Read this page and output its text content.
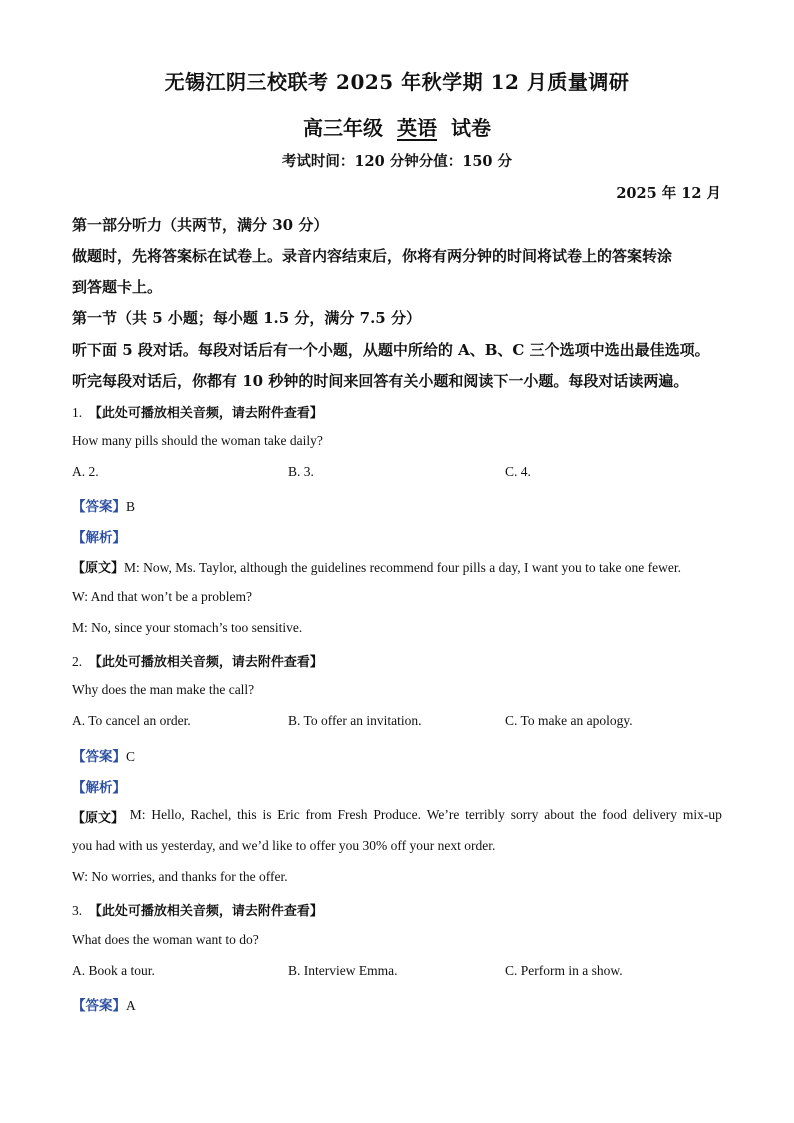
无锡江阴三校联考 2025 年秋学期 12 月质量调研
高三年级 英语 试卷
考试时间：120 分钟分值：150 分
2025 年 12 月
第一部分听力（共两节，满分 30 分）
做题时，先将答案标在试卷上。录音内容结束后，你将有两分钟的时间将试卷上的答案转涂
到答题卡上。
第一节（共 5 小题；每小题 1.5 分，满分 7.5 分）
听下面 5 段对话。每段对话后有一个小题，从题中所给的 A、B、C 三个选项中选出最佳选项。
听完每段对话后，你都有 10 秒钟的时间来回答有关小题和阅读下一小题。每段对话读两遍。
1. 【此处可播放相关音频，请去附件查看】
How many pills should the woman take daily?
A. 2.	B. 3.	C. 4.
【答案】B
【解析】
【原文】M: Now, Ms. Taylor, although the guidelines recommend four pills a day, I want you to take one fewer.
W: And that won’t be a problem?
M: No, since your stomach’s too sensitive.
2. 【此处可播放相关音频，请去附件查看】
Why does the man make the call?
A. To cancel an order.	B. To offer an invitation.	C. To make an apology.
【答案】C
【解析】
【原文】 M: Hello, Rachel, this is Eric from Fresh Produce. We’re terribly sorry about the food delivery mix-up
you had with us yesterday, and we’d like to offer you 30% off your next order.
W: No worries, and thanks for the offer.
3. 【此处可播放相关音频，请去附件查看】
What does the woman want to do?
A. Book a tour.	B. Interview Emma.	C. Perform in a show.
【答案】A
